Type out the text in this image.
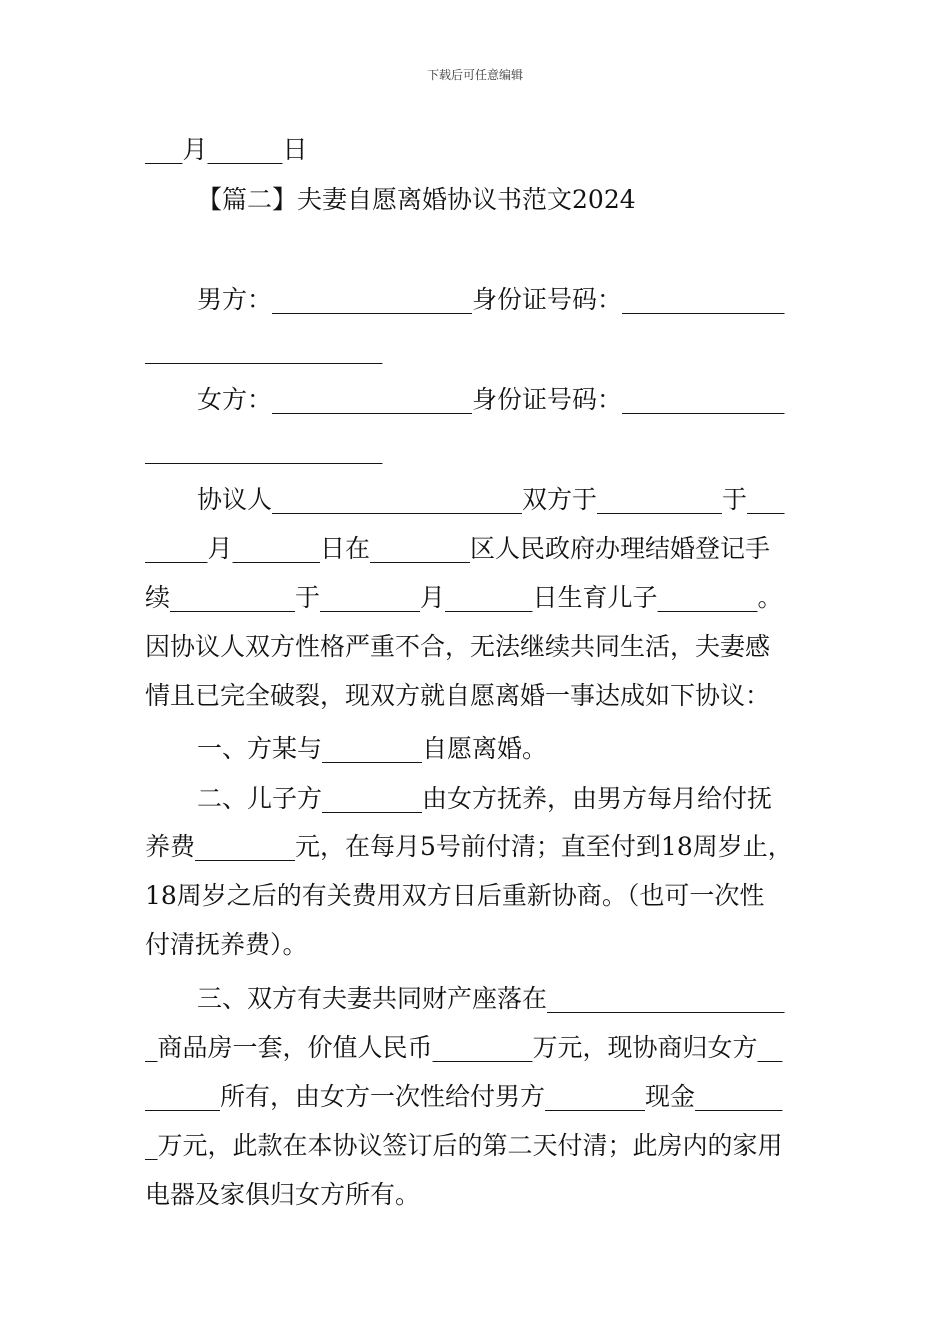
下载后可任意编辑
___月______日
【篇二】夫妻自愿离婚协议书范文2024
男方：________________身份证号码：_____________
___________________
女方：________________身份证号码：_____________
___________________
协议人____________________双方于__________于___
_____月_______日在________区人民政府办理结婚登记手
续__________于________月_______日生育儿子________。
因协议人双方性格严重不合，无法继续共同生活，夫妻感
情且已完全破裂，现双方就自愿离婚一事达成如下协议：
一、方某与________自愿离婚。
二、儿子方________由女方抚养，由男方每月给付抚
养费________元，在每月5号前付清；直至付到18周岁止，
18周岁之后的有关费用双方日后重新协商。（也可一次性
付清抚养费）。
三、双方有夫妻共同财产座落在___________________
_商品房一套，价值人民币________万元，现协商归女方__
______所有，由女方一次性给付男方________现金_______
_万元，此款在本协议签订后的第二天付清；此房内的家用
电器及家俱归女方所有。
